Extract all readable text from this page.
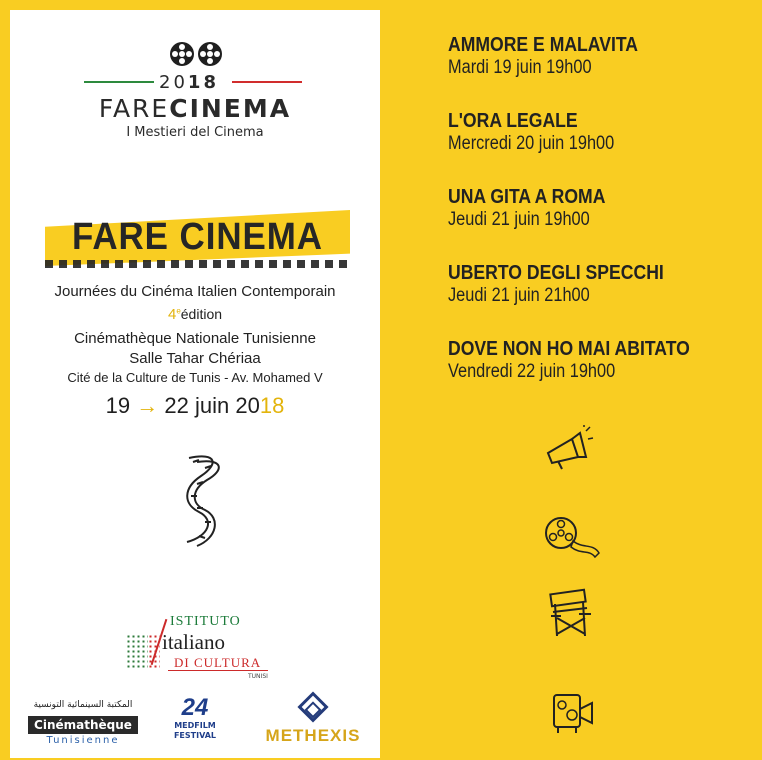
2018
FARECINEMA
I Mestieri del Cinema
FARE CINEMA
Journées du Cinéma Italien Contemporain
4eédition
Cinémathèque Nationale Tunisienne
Salle Tahar Chériaa
Cité de la Culture de Tunis - Av. Mohamed V
19 → 22 juin 2018
ISTITUTO
italiano
DI CULTURA
TUNISI
المكتبة السينمائية التونسية
Cinémathèque
Tunisienne
24
MEDFILM
FESTIVAL	METHEXIS
AMMORE E MALAVITA
Mardi 19 juin 19h00
L'ORA LEGALE
Mercredi 20 juin 19h00
UNA GITA A ROMA
Jeudi 21 juin 19h00
UBERTO DEGLI SPECCHI
Jeudi 21 juin 21h00
DOVE NON HO MAI ABITATO
Vendredi 22 juin 19h00
